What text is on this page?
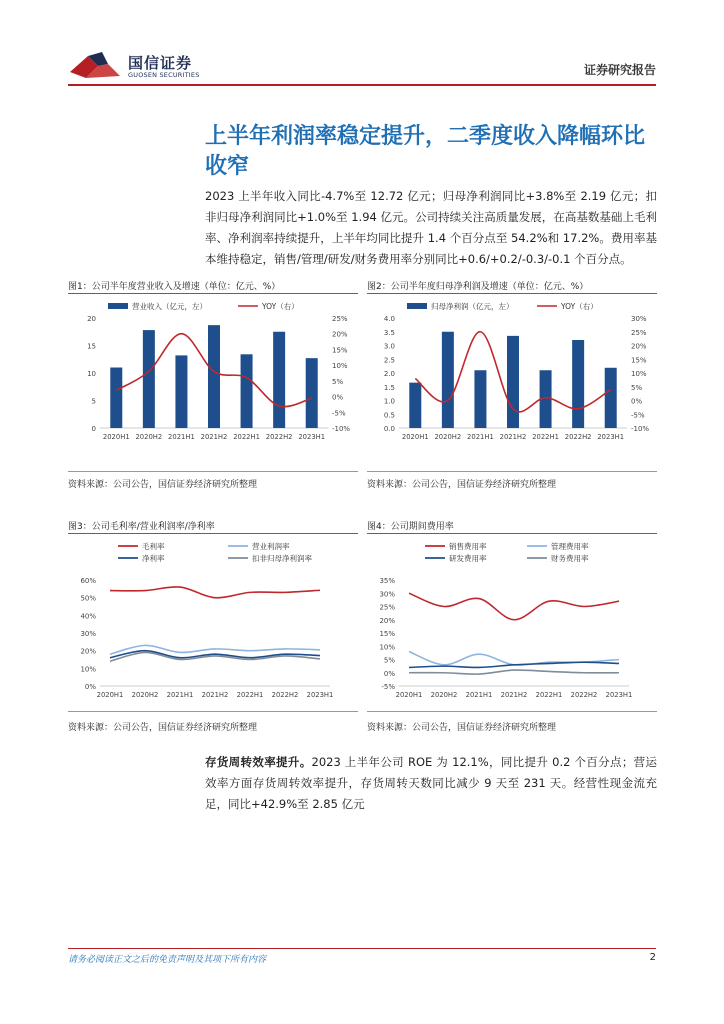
国信证券
GUOSEN SECURITIES	证券研究报告
上半年利润率稳定提升，二季度收入降幅环比收窄
2023 上半年收入同比-4.7%至 12.72 亿元；归母净利润同比+3.8%至 2.19 亿元；扣非归母净利润同比+1.0%至 1.94 亿元。公司持续关注高质量发展，在高基数基础上毛利率、净利润率持续提升，上半年均同比提升 1.4 个百分点至 54.2%和 17.2%。费用率基本维持稳定，销售/管理/研发/财务费用率分别同比+0.6/+0.2/-0.3/-0.1 个百分点。
图1：公司半年度营业收入及增速（单位：亿元、%）
营业收入（亿元，左）	YOY（右）
0
5
10
15
20
-10%
-5%
0%
5%
10%
15%
20%
25%
2020H1 2020H2 2021H1 2021H2 2022H1 2022H2 2023H1
资料来源：公司公告，国信证券经济研究所整理
图2：公司半年度归母净利润及增速（单位：亿元、%）
归母净利润（亿元，左）	YOY（右）
0.0
0.5
1.0
1.5
2.0
2.5
3.0
3.5
4.0
-10%
-5%
0%
5%
10%
15%
20%
25%
30%
2020H1 2020H2 2021H1 2021H2 2022H1 2022H2 2023H1
资料来源：公司公告，国信证券经济研究所整理
图3：公司毛利率/营业利润率/净利率
毛利率	营业利润率
净利率	扣非归母净利润率
0%
10%
20%
30%
40%
50%
60%
2020H1 2020H2 2021H1 2021H2 2022H1 2022H2 2023H1
资料来源：公司公告，国信证券经济研究所整理
图4：公司期间费用率
销售费用率	管理费用率
研发费用率	财务费用率
-5%
0%
5%
10%
15%
20%
25%
30%
35%
2020H1 2020H2 2021H1 2021H2 2022H1 2022H2 2023H1
资料来源：公司公告，国信证券经济研究所整理
存货周转效率提升。2023 上半年公司 ROE 为 12.1%，同比提升 0.2 个百分点；营运效率方面存货周转效率提升，存货周转天数同比减少 9 天至 231 天。经营性现金流充足，同比+42.9%至 2.85 亿元
请务必阅读正文之后的免责声明及其项下所有内容	2
